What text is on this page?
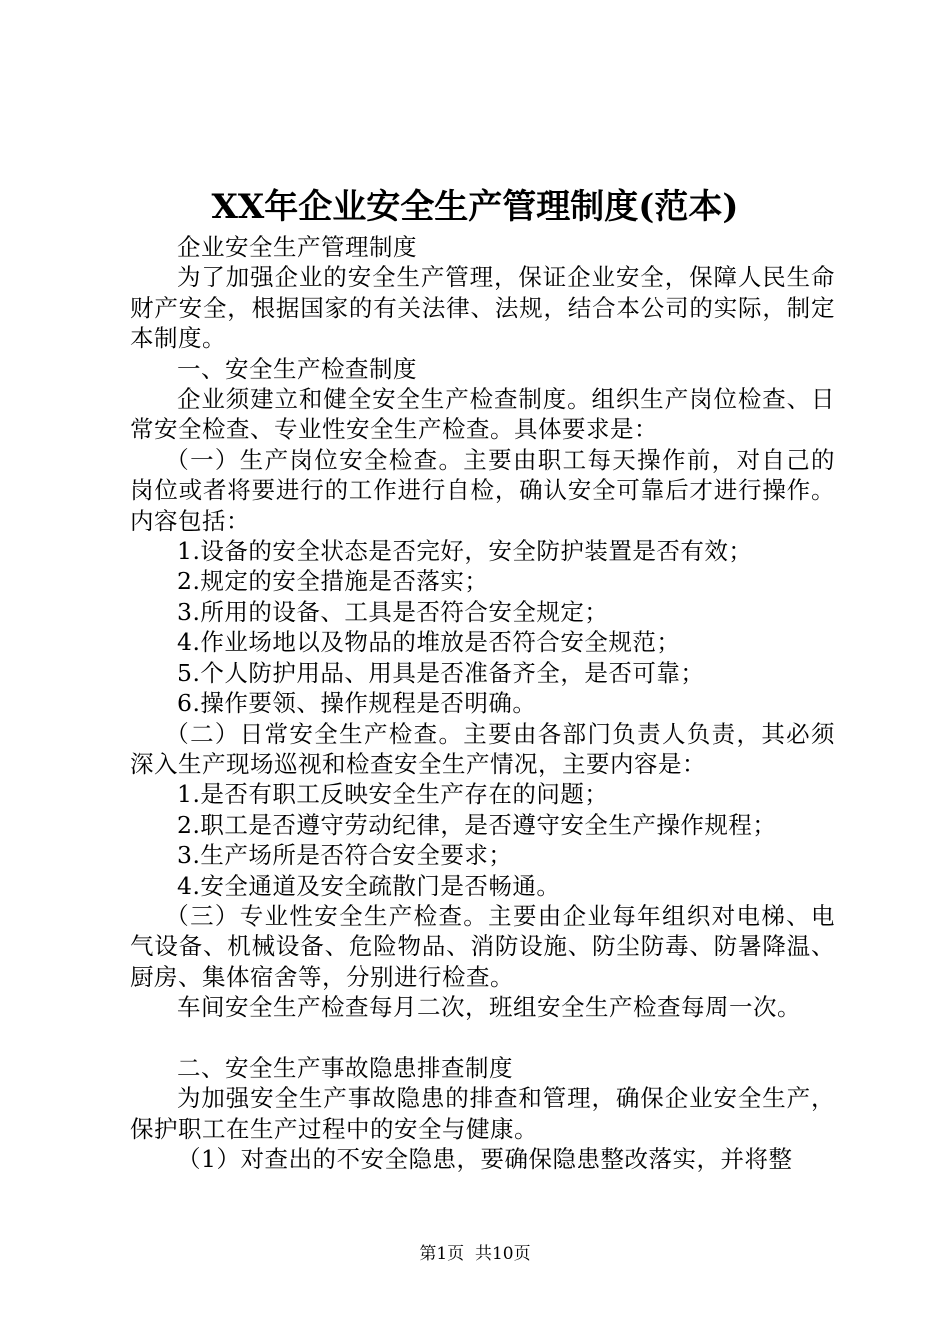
XX年企业安全生产管理制度(范本)

企业安全生产管理制度

为了加强企业的安全生产管理，保证企业安全，保障人民生命财产安全，根据国家的有关法律、法规，结合本公司的实际，制定本制度。

一、安全生产检查制度

企业须建立和健全安全生产检查制度。组织生产岗位检查、日常安全检查、专业性安全生产检查。具体要求是：

（一）生产岗位安全检查。主要由职工每天操作前，对自己的岗位或者将要进行的工作进行自检，确认安全可靠后才进行操作。内容包括：

1.设备的安全状态是否完好，安全防护装置是否有效；

2.规定的安全措施是否落实；

3.所用的设备、工具是否符合安全规定；

4.作业场地以及物品的堆放是否符合安全规范；

5.个人防护用品、用具是否准备齐全，是否可靠；

6.操作要领、操作规程是否明确。

（二）日常安全生产检查。主要由各部门负责人负责，其必须深入生产现场巡视和检查安全生产情况，主要内容是：

1.是否有职工反映安全生产存在的问题；

2.职工是否遵守劳动纪律，是否遵守安全生产操作规程；

3.生产场所是否符合安全要求；

4.安全通道及安全疏散门是否畅通。

（三）专业性安全生产检查。主要由企业每年组织对电梯、电气设备、机械设备、危险物品、消防设施、防尘防毒、防暑降温、厨房、集体宿舍等，分别进行检查。

车间安全生产检查每月二次，班组安全生产检查每周一次。

二、安全生产事故隐患排查制度

为加强安全生产事故隐患的排查和管理，确保企业安全生产，保护职工在生产过程中的安全与健康。

（1）对查出的不安全隐患，要确保隐患整改落实，并将整

第1页  共10页
